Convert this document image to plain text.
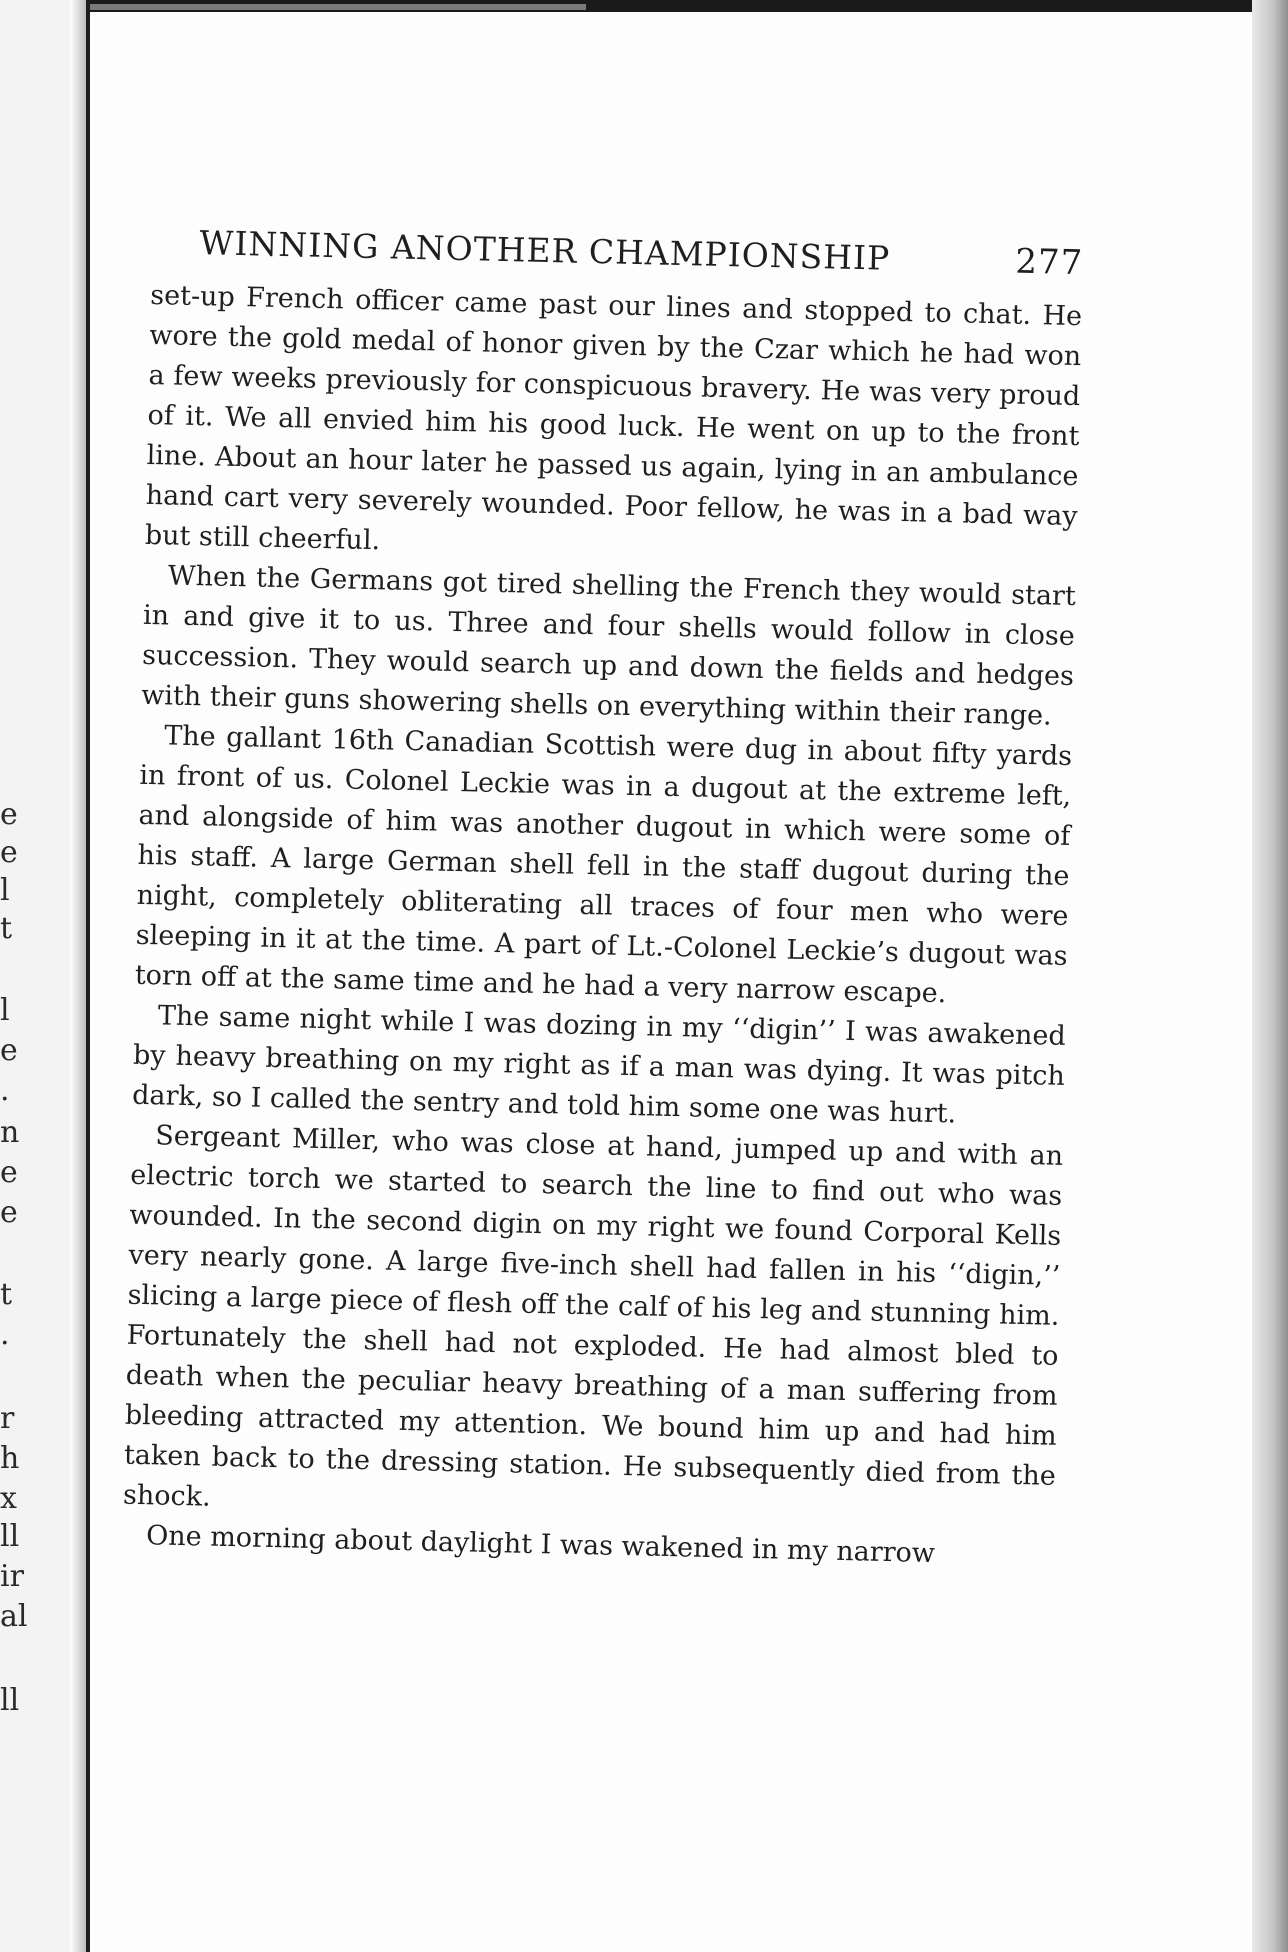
e
e
l
t
l
e
.
n
e
e
t
.
r
h
x
ll
ir
al
ll
WINNING ANOTHER CHAMPIONSHIP	277

set-up French officer came past our lines and stopped to chat. He wore the gold medal of honor given by the Czar which he had won a few weeks previously for conspicuous bravery. He was very proud of it. We all envied him his good luck. He went on up to the front line. About an hour later he passed us again, lying in an ambulance hand cart very severely wounded. Poor fellow, he was in a bad way but still cheerful.

When the Germans got tired shelling the French they would start in and give it to us. Three and four shells would follow in close succession. They would search up and down the fields and hedges with their guns showering shells on everything within their range.

The gallant 16th Canadian Scottish were dug in about fifty yards in front of us. Colonel Leckie was in a dugout at the extreme left, and alongside of him was another dugout in which were some of his staff. A large German shell fell in the staff dugout during the night, completely obliterating all traces of four men who were sleeping in it at the time. A part of Lt.-Colonel Leckie’s dugout was torn off at the same time and he had a very narrow escape.

The same night while I was dozing in my ‘‘digin’’ I was awakened by heavy breathing on my right as if a man was dying. It was pitch dark, so I called the sentry and told him some one was hurt.

Sergeant Miller, who was close at hand, jumped up and with an electric torch we started to search the line to find out who was wounded. In the second digin on my right we found Corporal Kells very nearly gone. A large five-inch shell had fallen in his ‘‘digin,’’ slicing a large piece of flesh off the calf of his leg and stunning him. Fortunately the shell had not exploded. He had almost bled to death when the peculiar heavy breathing of a man suffering from bleeding attracted my attention. We bound him up and had him taken back to the dressing station. He subsequently died from the shock.

One morning about daylight I was wakened in my narrow
